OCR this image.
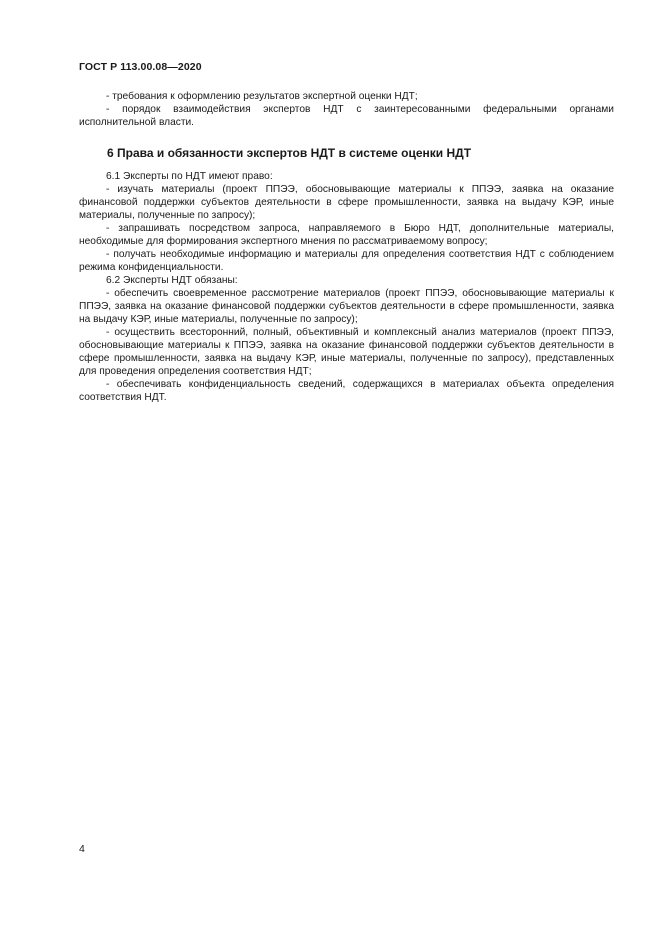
ГОСТ Р 113.00.08—2020

- требования к оформлению результатов экспертной оценки НДТ;

- порядок взаимодействия экспертов НДТ с заинтересованными федеральными органами исполнительной власти.

6 Права и обязанности экспертов НДТ в системе оценки НДТ

6.1 Эксперты по НДТ имеют право:

- изучать материалы (проект ППЭЭ, обосновывающие материалы к ППЭЭ, заявка на оказание финансовой поддержки субъектов деятельности в сфере промышленности, заявка на выдачу КЭР, иные материалы, полученные по запросу);

- запрашивать посредством запроса, направляемого в Бюро НДТ, дополнительные материалы, необходимые для формирования экспертного мнения по рассматриваемому вопросу;

- получать необходимые информацию и материалы для определения соответствия НДТ с соблюдением режима конфиденциальности.

6.2 Эксперты НДТ обязаны:

- обеспечить своевременное рассмотрение материалов (проект ППЭЭ, обосновывающие материалы к ППЭЭ, заявка на оказание финансовой поддержки субъектов деятельности в сфере промышленности, заявка на выдачу КЭР, иные материалы, полученные по запросу);

- осуществить всесторонний, полный, объективный и комплексный анализ материалов (проект ППЭЭ, обосновывающие материалы к ППЭЭ, заявка на оказание финансовой поддержки субъектов деятельности в сфере промышленности, заявка на выдачу КЭР, иные материалы, полученные по запросу), представленных для проведения определения соответствия НДТ;

- обеспечивать конфиденциальность сведений, содержащихся в материалах объекта определения соответствия НДТ.

4
